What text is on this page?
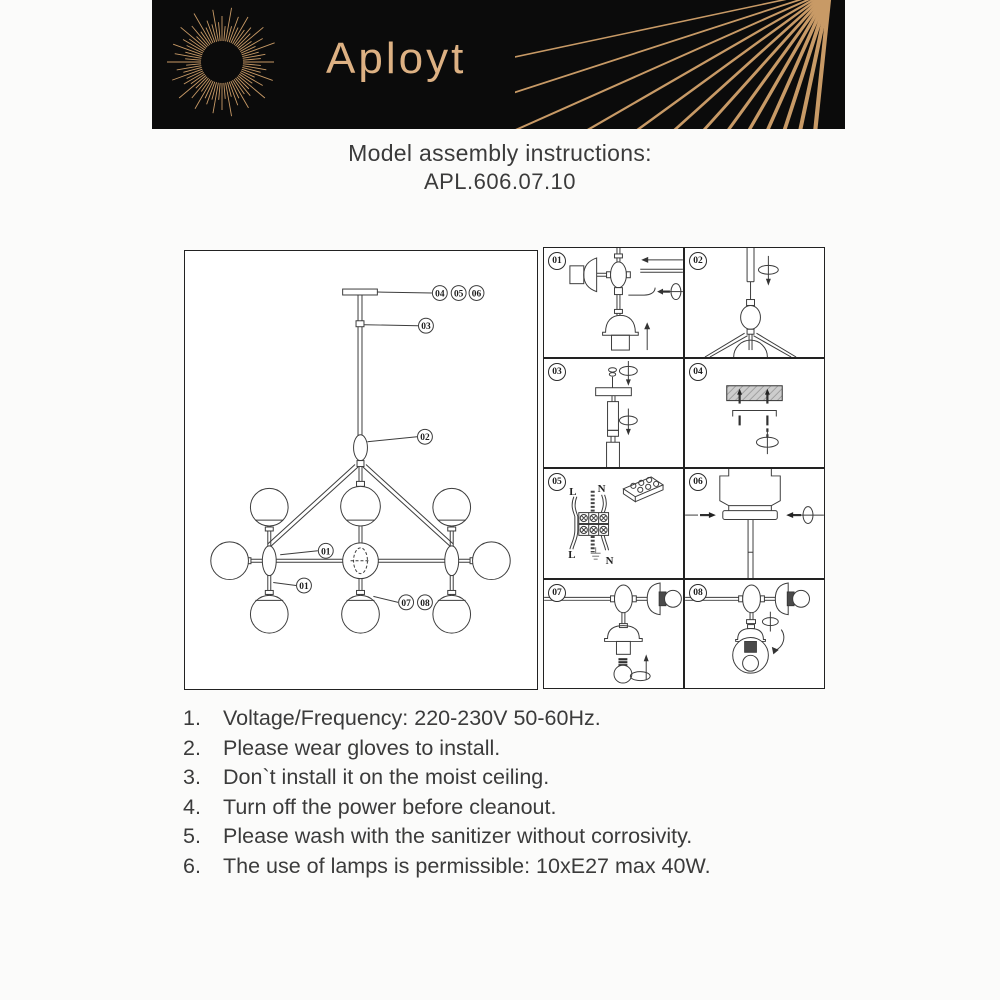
Aployt
Model assembly instructions:
APL.606.07.10
04 05 06
03
02
01
01
07 08
01	02
03	04
05
L N
L	N
06
07	08
1.	Voltage/Frequency: 220-230V 50-60Hz.
2.	Please wear gloves to install.
3.	Don`t install it on the moist ceiling.
4.	Turn off the power before cleanout.
5.	Please wash with the sanitizer without corrosivity.
6.	The use of lamps is permissible: 10xE27 max 40W.
